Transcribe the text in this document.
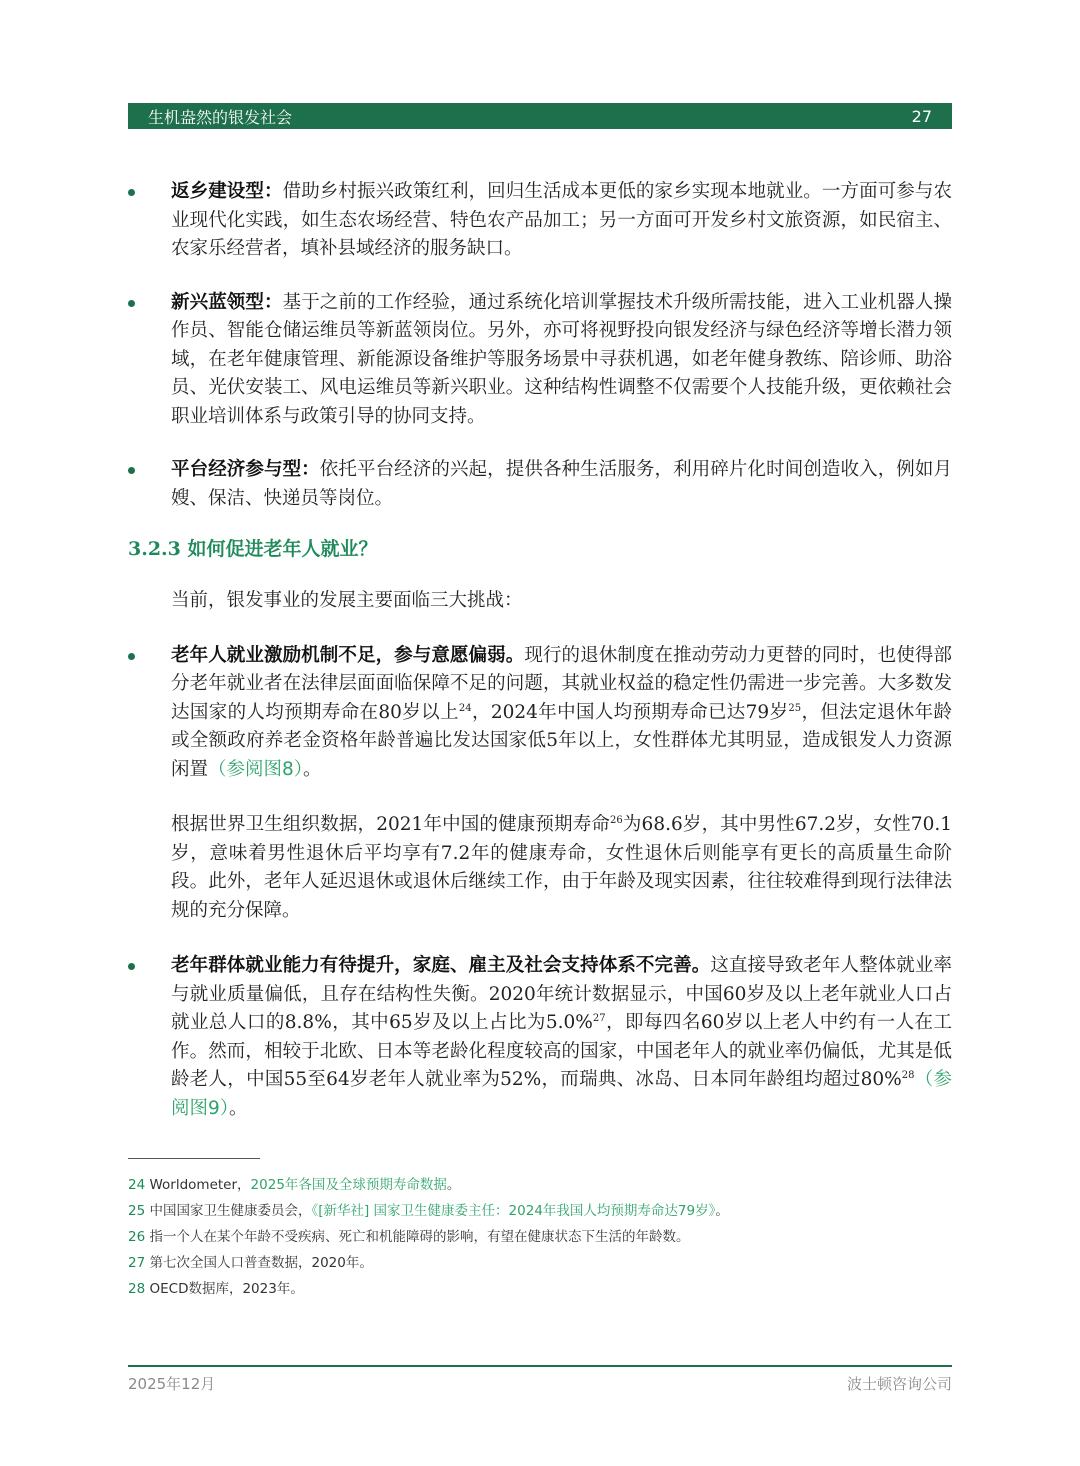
生机盎然的银发社会	27
返乡建设型：借助乡村振兴政策红利，回归生活成本更低的家乡实现本地就业。一方面可参与农业现代化实践，如生态农场经营、特色农产品加工；另一方面可开发乡村文旅资源，如民宿主、农家乐经营者，填补县域经济的服务缺口。
新兴蓝领型：基于之前的工作经验，通过系统化培训掌握技术升级所需技能，进入工业机器人操作员、智能仓储运维员等新蓝领岗位。另外，亦可将视野投向银发经济与绿色经济等增长潜力领域，在老年健康管理、新能源设备维护等服务场景中寻获机遇，如老年健身教练、陪诊师、助浴员、光伏安装工、风电运维员等新兴职业。这种结构性调整不仅需要个人技能升级，更依赖社会职业培训体系与政策引导的协同支持。
平台经济参与型：依托平台经济的兴起，提供各种生活服务，利用碎片化时间创造收入，例如月嫂、保洁、快递员等岗位。
3.2.3 如何促进老年人就业？
当前，银发事业的发展主要面临三大挑战：
老年人就业激励机制不足，参与意愿偏弱。现行的退休制度在推动劳动力更替的同时，也使得部分老年就业者在法律层面面临保障不足的问题，其就业权益的稳定性仍需进一步完善。大多数发达国家的人均预期寿命在80岁以上$^{24}$，2024年中国人均预期寿命已达79岁$^{25}$，但法定退休年龄或全额政府养老金资格年龄普遍比发达国家低5年以上，女性群体尤其明显，造成银发人力资源闲置（参阅图8）。
根据世界卫生组织数据，2021年中国的健康预期寿命$^{26}$为68.6岁，其中男性67.2岁，女性70.1岁，意味着男性退休后平均享有7.2年的健康寿命，女性退休后则能享有更长的高质量生命阶段。此外，老年人延迟退休或退休后继续工作，由于年龄及现实因素，往往较难得到现行法律法规的充分保障。
老年群体就业能力有待提升，家庭、雇主及社会支持体系不完善。这直接导致老年人整体就业率与就业质量偏低，且存在结构性失衡。2020年统计数据显示，中国60岁及以上老年就业人口占就业总人口的8.8%，其中65岁及以上占比为5.0%$^{27}$，即每四名60岁以上老人中约有一人在工作。然而，相较于北欧、日本等老龄化程度较高的国家，中国老年人的就业率仍偏低，尤其是低龄老人，中国55至64岁老年人就业率为52%，而瑞典、冰岛、日本同年龄组均超过80%$^{28}$（参阅图9）。
24 Worldometer，2025年各国及全球预期寿命数据。
25 中国国家卫生健康委员会，《[新华社] 国家卫生健康委主任：2024年我国人均预期寿命达79岁》。
26 指一个人在某个年龄不受疾病、死亡和机能障碍的影响，有望在健康状态下生活的年龄数。
27 第七次全国人口普查数据，2020年。
28 OECD数据库，2023年。
2025年12月	波士顿咨询公司
